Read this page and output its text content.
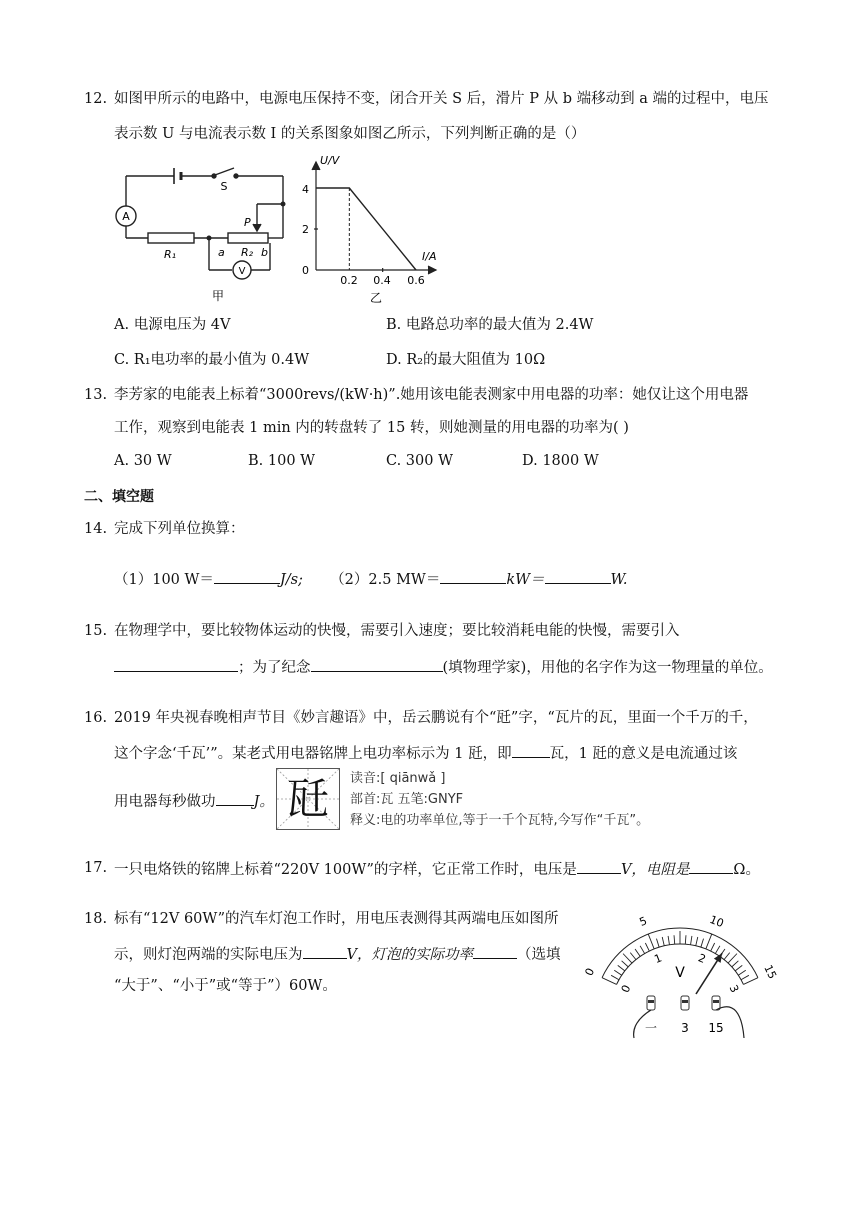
12. 如图甲所示的电路中，电源电压保持不变，闭合开关 S 后，滑片 P 从 b 端移动到 a 端的过程中，电压
表示数 U 与电流表示数 I 的关系图象如图乙所示，下列判断正确的是（）
A
V
S
P
R₁	R₂
a	b
甲
U/V
I/A
4
2
0
0.2 0.4 0.6
乙
A. 电源电压为 4V	B. 电路总功率的最大值为 2.4W
C. R₁电功率的最小值为 0.4W	D. R₂的最大阻值为 10Ω
13. 李芳家的电能表上标着“3000revs/(kW·h)”.她用该电能表测家中用电器的功率：她仅让这个用电器
工作，观察到电能表 1 min 内的转盘转了 15 转，则她测量的用电器的功率为( )
A. 30 W	B. 100 W	C. 300 W	D. 1800 W
二、填空题
14. 完成下列单位换算：
（1）100 W＝	J/s; （2）2.5 MW＝	kW＝	W.
15. 在物理学中，要比较物体运动的快慢，需要引入速度；要比较消耗电能的快慢，需要引入
；为了纪念	(填物理学家)，用他的名字作为这一物理量的单位。
16. 2019 年央视春晚相声节目《妙言趣语》中，岳云鹏说有个“瓩”字，“瓦片的瓦，里面一个千万的千，
这个字念‘千瓦’”。某老式用电器铭牌上电功率标示为 1 瓩，即	瓦，1 瓩的意义是电流通过该
用电器每秒做功	J。 瓩	读音:[ qiānwǎ ]
部首:瓦 五笔:GNYF
释义:电的功率单位,等于一千个瓦特,今写作“千瓦”。
17. 一只电烙铁的铭牌上标着“220V 100W”的字样，它正常工作时，电压是	V，电阻是	Ω。
18. 标有“12V 60W”的汽车灯泡工作时，用电压表测得其两端电压如图所
示，则灯泡两端的实际电压为	V，灯泡的实际功率	（选填
“大于”、“小于”或“等于”）60W。
0
5	10
15
0
1	2
3
V
一 3 15
